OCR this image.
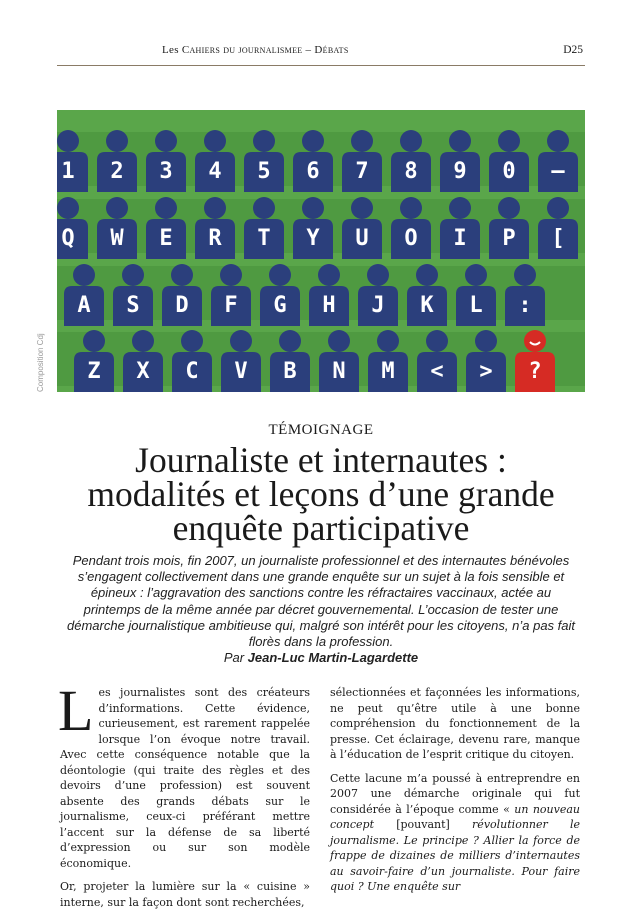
Les Cahiers du journalismee – Débats	D25
1 2 3 4 5 6 7 8 9 0 –
Q W E R T Y U O I P [
A S D F G H J K L :
Z X C V B N M < > ?
Composition Cdj
TÉMOIGNAGE
Journaliste et internautes :
modalités et leçons d’une grande
enquête participative
Pendant trois mois, fin 2007, un journaliste professionnel et des internautes bénévoles s’engagent collectivement dans une grande enquête sur un sujet à la fois sensible et épineux : l’aggravation des sanctions contre les réfractaires vaccinaux, actée au printemps de la même année par décret gouvernemental. L’occasion de tester une démarche journalistique ambitieuse qui, malgré son intérêt pour les citoyens, n’a pas fait florès dans la profession.
Par Jean-Luc Martin-Lagardette

Les journalistes sont des créateurs d’informations. Cette évidence, curieusement, est rarement rappelée lorsque l’on évoque notre travail. Avec cette conséquence notable que la déontologie (qui traite des règles et des devoirs d’une profession) est souvent absente des grands débats sur le journalisme, ceux-ci préférant mettre l’accent sur la défense de sa liberté d’expression ou sur son modèle économique.

Or, projeter la lumière sur la « cuisine » interne, sur la façon dont sont recherchées,

sélectionnées et façonnées les informations, ne peut qu’être utile à une bonne compréhension du fonctionnement de la presse. Cet éclairage, devenu rare, manque à l’éducation de l’esprit critique du citoyen.

Cette lacune m’a poussé à entreprendre en 2007 une démarche originale qui fut considérée à l’époque comme « un nouveau concept [pouvant] révolutionner le journalisme. Le principe ? Allier la force de frappe de dizaines de milliers d’internautes au savoir-faire d’un journaliste. Pour faire quoi ? Une enquête sur
